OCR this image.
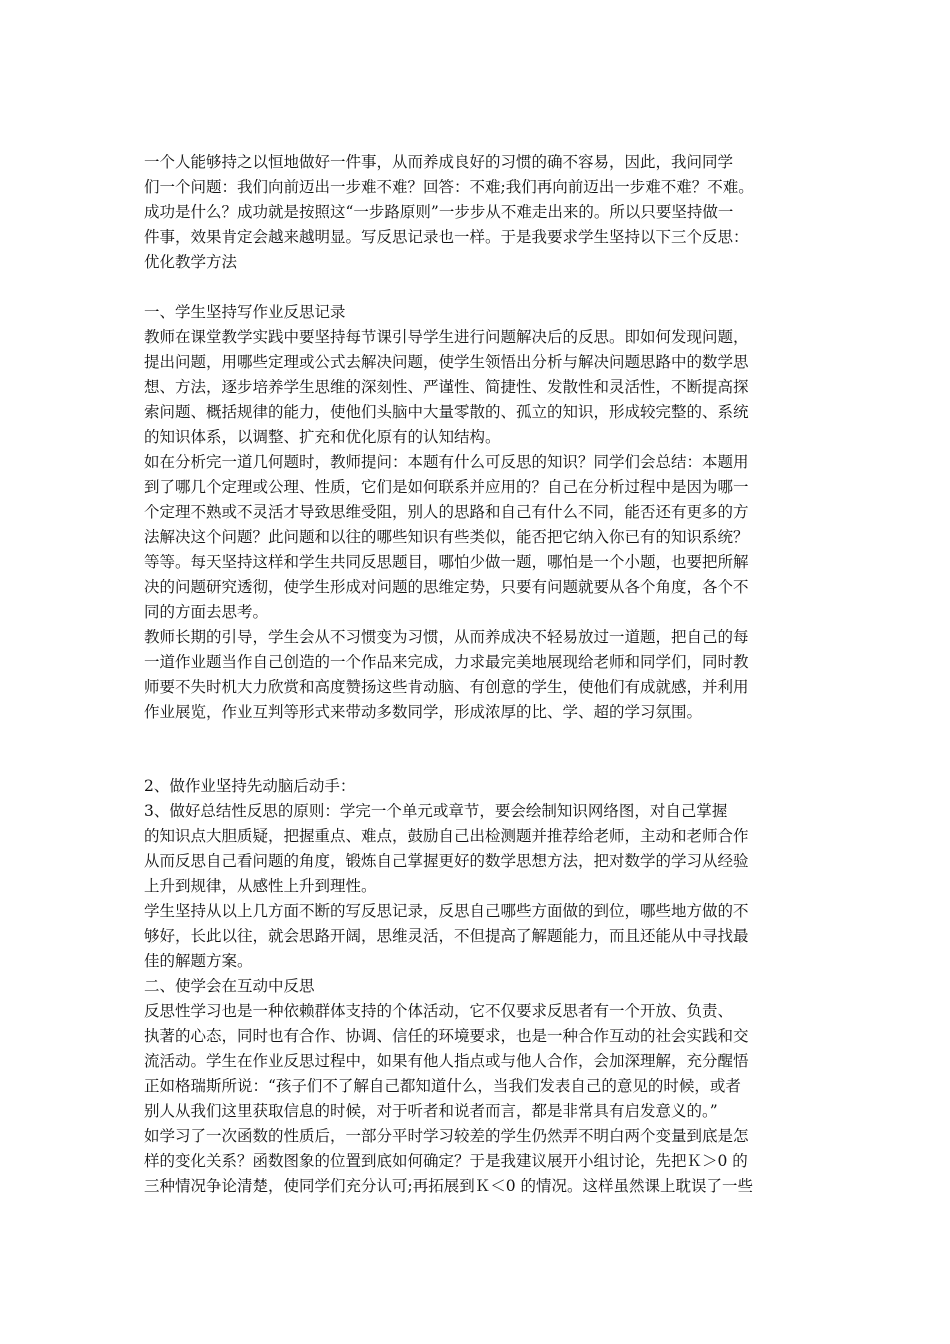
一个人能够持之以恒地做好一件事，从而养成良好的习惯的确不容易，因此，我问同学
们一个问题：我们向前迈出一步难不难？回答：不难;我们再向前迈出一步难不难？不难。
成功是什么？成功就是按照这“一步路原则”一步步从不难走出来的。所以只要坚持做一
件事，效果肯定会越来越明显。写反思记录也一样。于是我要求学生坚持以下三个反思：
优化教学方法
一、学生坚持写作业反思记录
教师在课堂教学实践中要坚持每节课引导学生进行问题解决后的反思。即如何发现问题，
提出问题，用哪些定理或公式去解决问题，使学生领悟出分析与解决问题思路中的数学思
想、方法，逐步培养学生思维的深刻性、严谨性、简捷性、发散性和灵活性，不断提高探
索问题、概括规律的能力，使他们头脑中大量零散的、孤立的知识，形成较完整的、系统
的知识体系，以调整、扩充和优化原有的认知结构。
如在分析完一道几何题时，教师提问：本题有什么可反思的知识？同学们会总结：本题用
到了哪几个定理或公理、性质，它们是如何联系并应用的？自己在分析过程中是因为哪一
个定理不熟或不灵活才导致思维受阻，别人的思路和自己有什么不同，能否还有更多的方
法解决这个问题？此问题和以往的哪些知识有些类似，能否把它纳入你已有的知识系统？
等等。每天坚持这样和学生共同反思题目，哪怕少做一题，哪怕是一个小题，也要把所解
决的问题研究透彻，使学生形成对问题的思维定势，只要有问题就要从各个角度，各个不
同的方面去思考。
教师长期的引导，学生会从不习惯变为习惯，从而养成决不轻易放过一道题，把自己的每
一道作业题当作自己创造的一个作品来完成，力求最完美地展现给老师和同学们，同时教
师要不失时机大力欣赏和高度赞扬这些肯动脑、有创意的学生，使他们有成就感，并利用
作业展览，作业互判等形式来带动多数同学，形成浓厚的比、学、超的学习氛围。
2、做作业坚持先动脑后动手：
3、做好总结性反思的原则：学完一个单元或章节，要会绘制知识网络图，对自己掌握
的知识点大胆质疑，把握重点、难点，鼓励自己出检测题并推荐给老师，主动和老师合作
从而反思自己看问题的角度，锻炼自己掌握更好的数学思想方法，把对数学的学习从经验
上升到规律，从感性上升到理性。
学生坚持从以上几方面不断的写反思记录，反思自己哪些方面做的到位，哪些地方做的不
够好，长此以往，就会思路开阔，思维灵活，不但提高了解题能力，而且还能从中寻找最
佳的解题方案。
二、使学会在互动中反思
反思性学习也是一种依赖群体支持的个体活动，它不仅要求反思者有一个开放、负责、
执著的心态，同时也有合作、协调、信任的环境要求，也是一种合作互动的社会实践和交
流活动。学生在作业反思过程中，如果有他人指点或与他人合作，会加深理解，充分醒悟
正如格瑞斯所说：“孩子们不了解自己都知道什么，当我们发表自己的意见的时候，或者
别人从我们这里获取信息的时候，对于听者和说者而言，都是非常具有启发意义的。”
如学习了一次函数的性质后，一部分平时学习较差的学生仍然弄不明白两个变量到底是怎
样的变化关系？函数图象的位置到底如何确定？于是我建议展开小组讨论，先把Ｋ＞0 的
三种情况争论清楚，使同学们充分认可;再拓展到Ｋ＜0 的情况。这样虽然课上耽误了一些
